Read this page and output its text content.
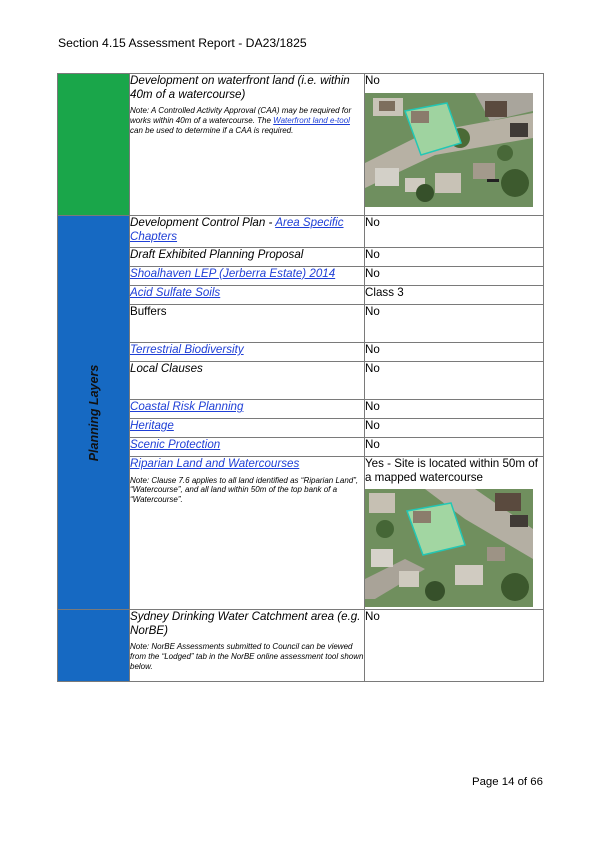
Section 4.15 Assessment Report - DA23/1825

	Development on waterfront land (i.e. within 40m of a watercourse)
Note: A Controlled Activity Approval (CAA) may be required for works within 40m of a watercourse. The Waterfront land e-tool can be used to determine if a CAA is required.	No

Planning Layers	Development Control Plan - Area Specific Chapters	No
	Draft Exhibited Planning Proposal	No
	Shoalhaven LEP (Jerberra Estate) 2014	No
	Acid Sulfate Soils	Class 3
	Buffers	No
	Terrestrial Biodiversity	No
	Local Clauses	No
	Coastal Risk Planning	No
	Heritage	No
	Scenic Protection	No
	Riparian Land and Watercourses
Note: Clause 7.6 applies to all land identified as “Riparian Land”, “Watercourse”, and all land within 50m of the top bank of a “Watercourse”.	Yes - Site is located within 50m of a mapped watercourse

	Sydney Drinking Water Catchment area (e.g. NorBE)
Note: NorBE Assessments submitted to Council can be viewed from the “Lodged” tab in the NorBE online assessment tool shown below.	No
Page 14 of 66
